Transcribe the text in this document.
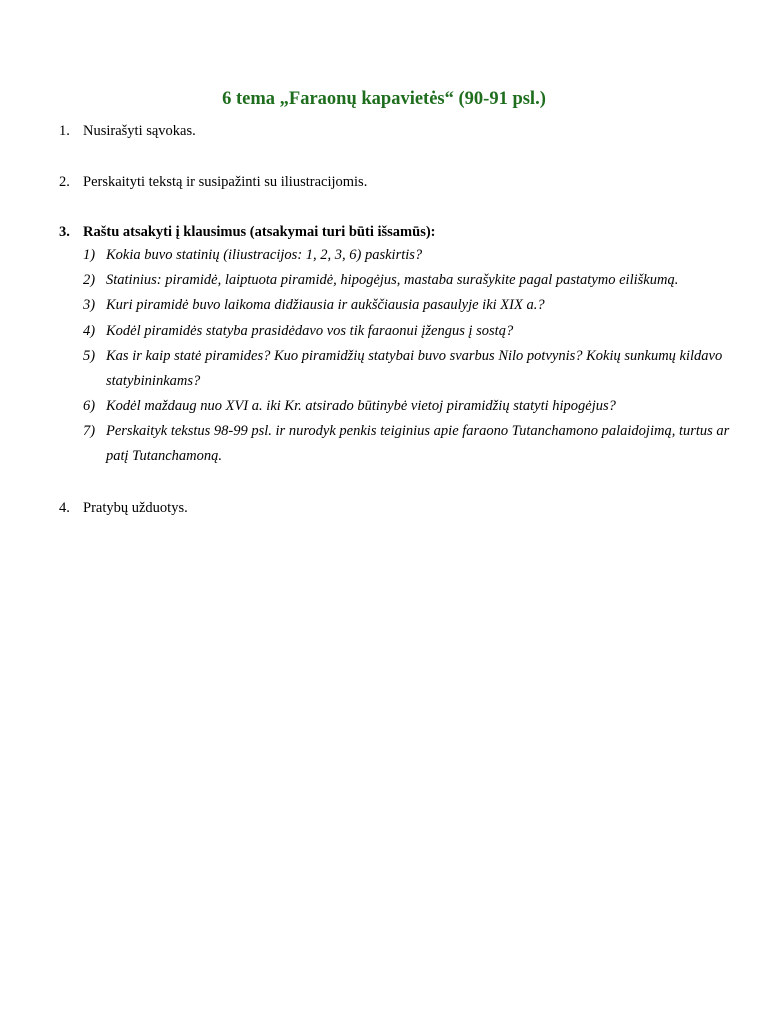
6 tema „Faraonų kapavietės“ (90-91 psl.)
1. Nusirašyti sąvokas.
2. Perskaityti tekstą ir susipažinti su iliustracijomis.
3. Raštu atsakyti į klausimus (atsakymai turi būti išsamūs):
1) Kokia buvo statinių (iliustracijos: 1, 2, 3, 6) paskirtis?
2) Statinius: piramidė, laiptuota piramidė, hipogėjus, mastaba surašykite pagal pastatymo eiliškumą.
3) Kuri piramidė buvo laikoma didžiausia ir aukščiausia pasaulyje iki XIX a.?
4) Kodėl piramidės statyba prasidėdavo vos tik faraonui įžengus į sostą?
5) Kas ir kaip statė piramides? Kuo piramidžių statybai buvo svarbus Nilo potvynis? Kokių sunkumų kildavo statybininkams?
6) Kodėl maždaug nuo XVI a. iki Kr. atsirado būtinybė vietoj piramidžių statyti hipogėjus?
7) Perskaityk tekstus 98-99 psl. ir nurodyk penkis teiginius apie faraono Tutanchamono palaidojimą, turtus ar patį Tutanchamoną.
4. Pratybų užduotys.
